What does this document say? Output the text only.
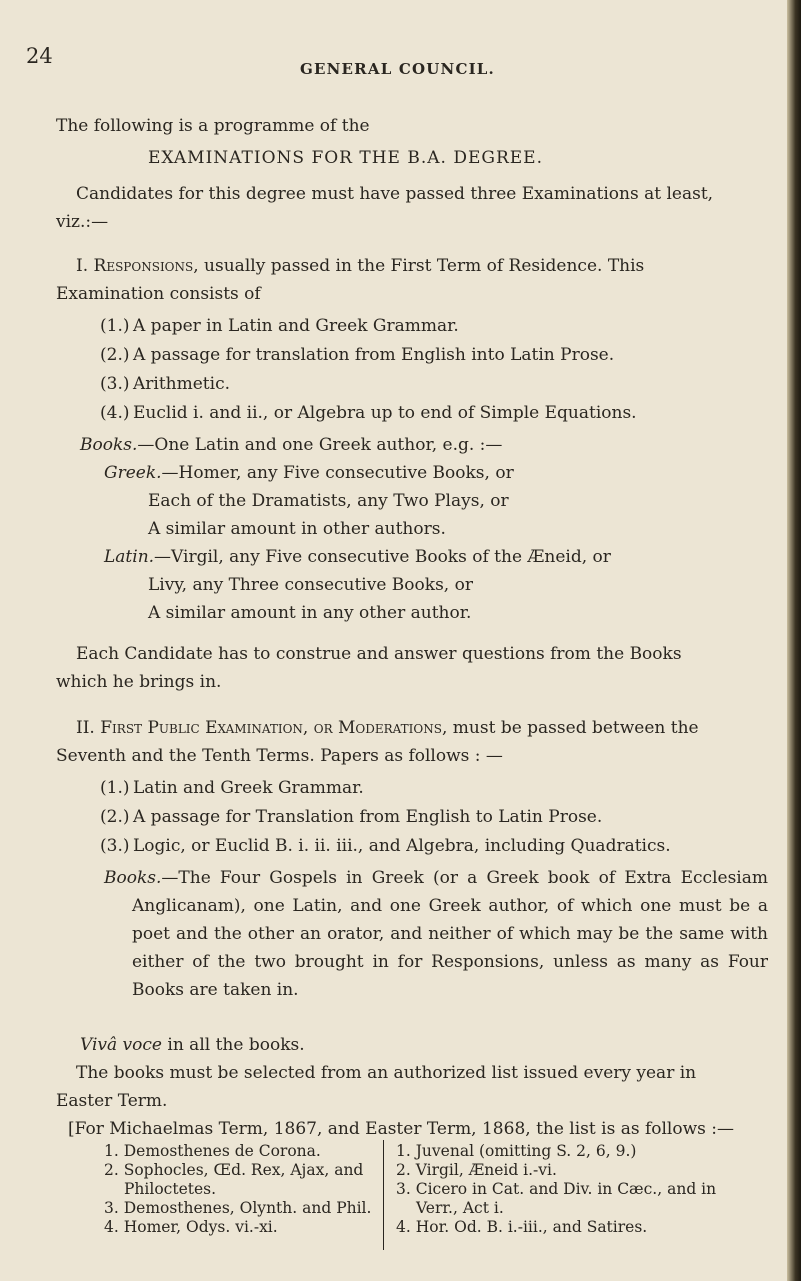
24
GENERAL COUNCIL.

The following is a programme of the

EXAMINATIONS FOR THE B.A. DEGREE.

Candidates for this degree must have passed three Examinations at least, viz.:—

I. Responsions, usually passed in the First Term of Residence. This Examination consists of

(1.) A paper in Latin and Greek Grammar.
(2.) A passage for translation from English into Latin Prose.
(3.) Arithmetic.
(4.) Euclid i. and ii., or Algebra up to end of Simple Equations.

Books.—One Latin and one Greek author, e.g. :—

Greek.—Homer, any Five consecutive Books, or

Each of the Dramatists, any Two Plays, or

A similar amount in other authors.

Latin.—Virgil, any Five consecutive Books of the Æneid, or

Livy, any Three consecutive Books, or

A similar amount in any other author.

Each Candidate has to construe and answer questions from the Books which he brings in.

II. First Public Examination, or Moderations, must be passed between the Seventh and the Tenth Terms. Papers as follows : —

(1.) Latin and Greek Grammar.
(2.) A passage for Translation from English to Latin Prose.
(3.) Logic, or Euclid B. i. ii. iii., and Algebra, including Quadratics.

Books.—The Four Gospels in Greek (or a Greek book of Extra Ecclesiam Anglicanam), one Latin, and one Greek author, of which one must be a poet and the other an orator, and neither of which may be the same with either of the two brought in for Responsions, unless as many as Four Books are taken in.

Vivâ voce in all the books.

The books must be selected from an authorized list issued every year in Easter Term.

[For Michaelmas Term, 1867, and Easter Term, 1868, the list is as follows :—

1. Demosthenes de Corona.
2. Sophocles, Œd. Rex, Ajax, and Philoctetes.
3. Demosthenes, Olynth. and Phil.
4. Homer, Odys. vi.-xi.
1. Juvenal (omitting S. 2, 6, 9.)
2. Virgil, Æneid i.-vi.
3. Cicero in Cat. and Div. in Cæc., and in Verr., Act i.
4. Hor. Od. B. i.-iii., and Satires.
